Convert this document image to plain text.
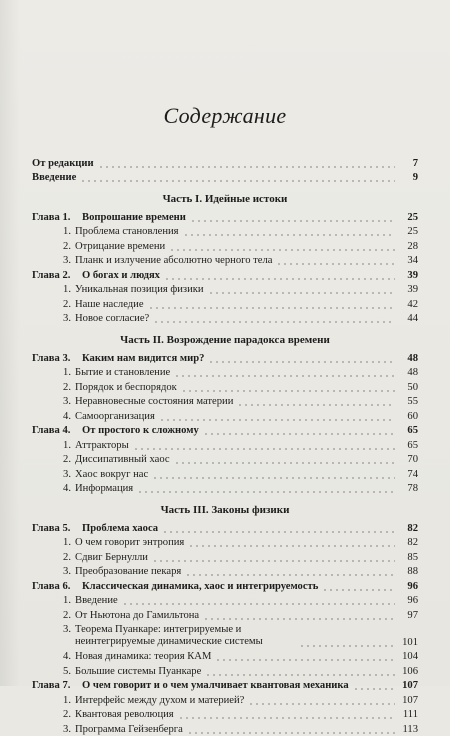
Содержание
От редакции	7
Введение	9
Часть I. Идейные истоки
Глава 1.	Вопрошание времени	25
1. Проблема становления	25
2. Отрицание времени	28
3. Планк и излучение абсолютно черного тела	34
Глава 2.	О богах и людях	39
1. Уникальная позиция физики	39
2. Наше наследие	42
3. Новое согласие?	44
Часть II. Возрождение парадокса времени
Глава 3.	Каким нам видится мир?	48
1. Бытие и становление	48
2. Порядок и беспорядок	50
3. Неравновесные состояния материи	55
4. Самоорганизация	60
Глава 4.	От простого к сложному	65
1. Аттракторы	65
2. Диссипативный хаос	70
3. Хаос вокруг нас	74
4. Информация	78
Часть III. Законы физики
Глава 5.	Проблема хаоса	82
1. О чем говорит энтропия	82
2. Сдвиг Бернулли	85
3. Преобразование пекаря	88
Глава 6.	Классическая динамика, хаос и интегрируемость	96
1. Введение	96
2. От Ньютона до Гамильтона	97
3. Теорема Пуанкаре: интегрируемые и неинтегрируемые динамические системы	101
4. Новая динамика: теория КАМ	104
5. Большие системы Пуанкаре	106
Глава 7.	О чем говорит и о чем умалчивает квантовая механика	107
1. Интерфейс между духом и материей?	107
2. Квантовая революция	111
3. Программа Гейзенберга	113
